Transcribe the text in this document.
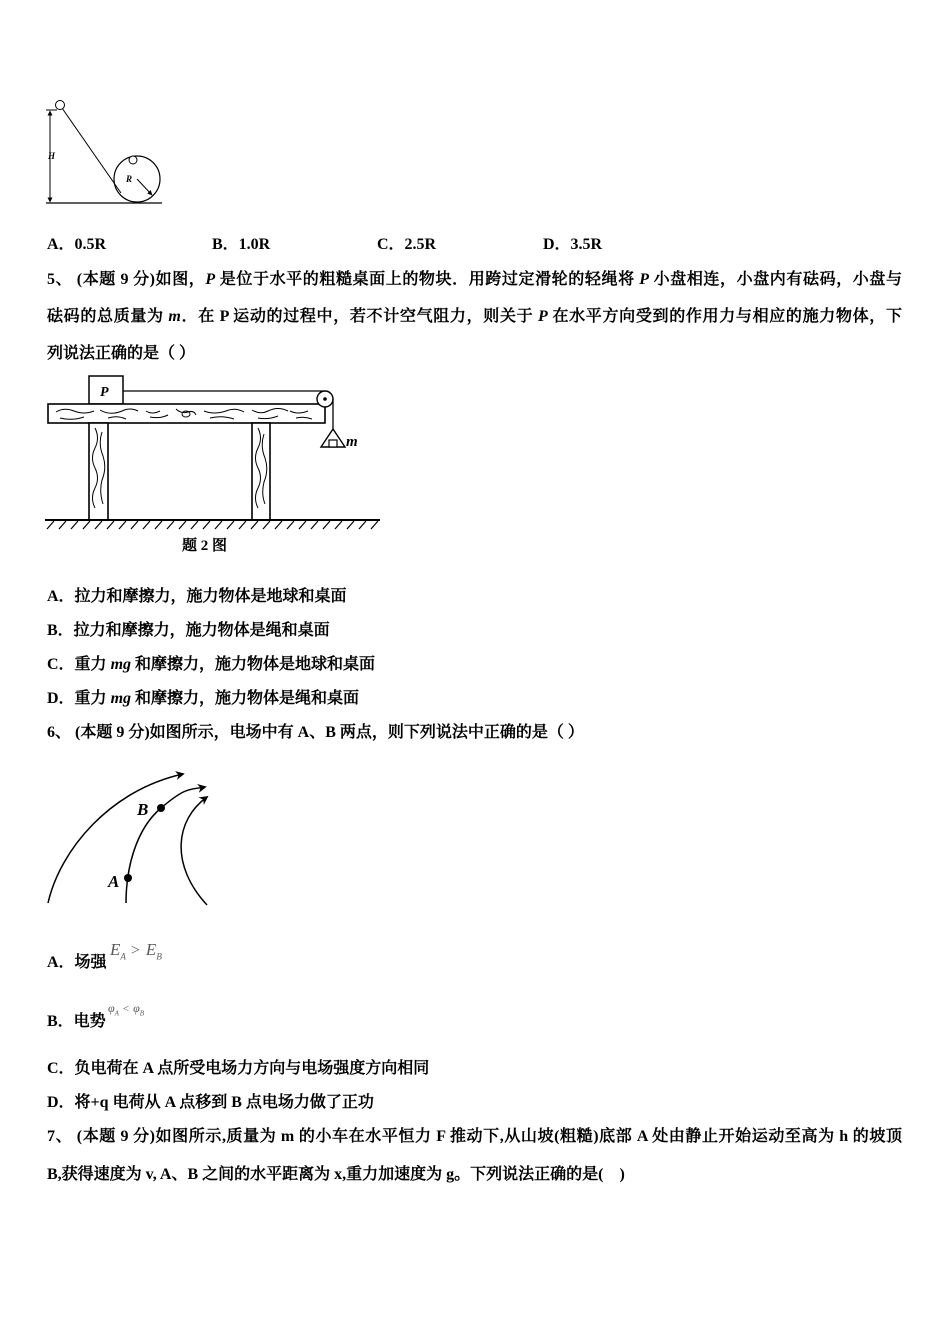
H
R
A．0.5R	B．1.0R	C．2.5R	D．3.5R
5、 (本题 9 分)如图，P 是位于水平的粗糙桌面上的物块．用跨过定滑轮的轻绳将 P 小盘相连，小盘内有砝码，小盘与
砝码的总质量为 m．在 P 运动的过程中，若不计空气阻力，则关于 P 在水平方向受到的作用力与相应的施力物体，下
列说法正确的是（ ）
P
m
题 2 图
A．拉力和摩擦力，施力物体是地球和桌面
B．拉力和摩擦力，施力物体是绳和桌面
C．重力 mg 和摩擦力，施力物体是地球和桌面
D．重力 mg 和摩擦力，施力物体是绳和桌面
6、 (本题 9 分)如图所示，电场中有 A、B 两点，则下列说法中正确的是（ ）
A
B
A．场强
$E_A > E_B$
B．电势
$\varphi_A < \varphi_B$
C．负电荷在 A 点所受电场力方向与电场强度方向相同
D．将+q 电荷从 A 点移到 B 点电场力做了正功
7、 (本题 9 分)如图所示,质量为 m 的小车在水平恒力 F 推动下,从山坡(粗糙)底部 A 处由静止开始运动至高为 h 的坡顶
B,获得速度为 v, A、B 之间的水平距离为 x,重力加速度为 g。下列说法正确的是(    )
